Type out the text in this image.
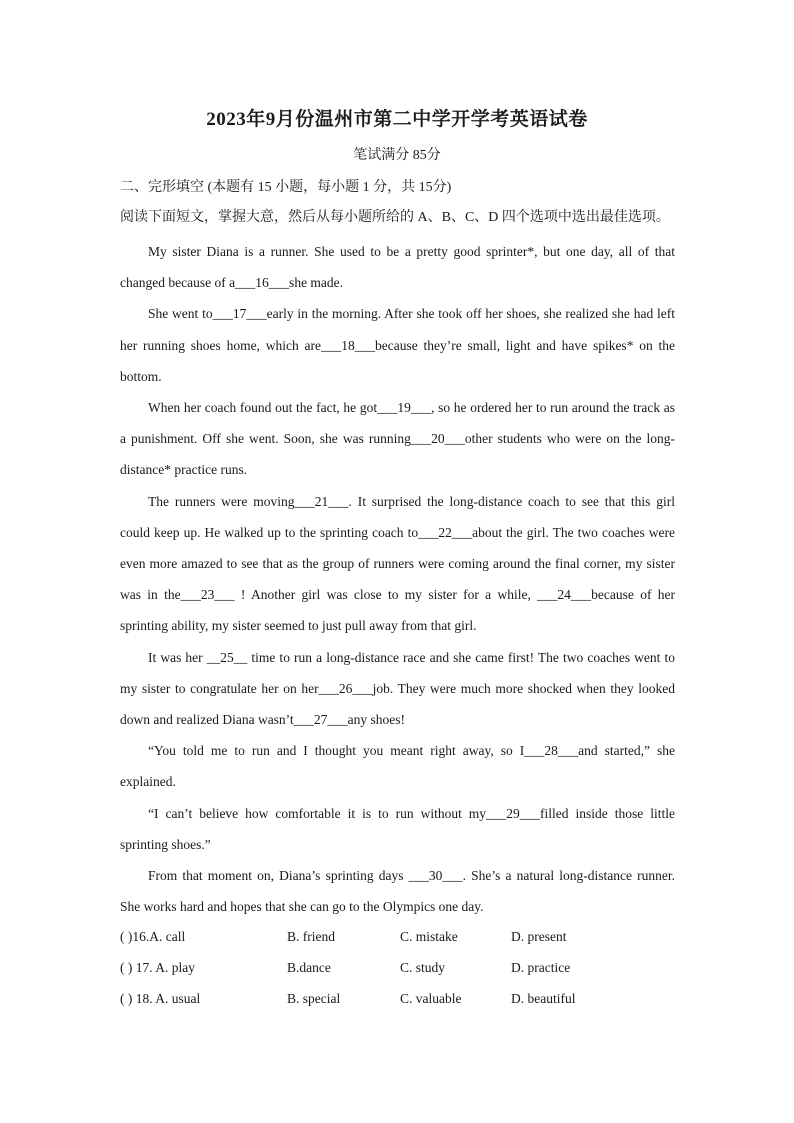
2023年9月份温州市第二中学开学考英语试卷
笔试满分 85分
二、完形填空 (本题有 15 小题，每小题 1 分，共 15分)
阅读下面短文，掌握大意，然后从每小题所给的 A、B、C、D 四个选项中选出最佳选项。

My sister Diana is a runner. She used to be a pretty good sprinter*, but one day, all of that changed because of a___16___she made.

She went to___17___early in the morning. After she took off her shoes, she realized she had left her running shoes home, which are___18___because they’re small, light and have spikes* on the bottom.

When her coach found out the fact, he got___19___, so he ordered her to run around the track as a punishment. Off she went. Soon, she was running___20___other students who were on the long-distance* practice runs.

The runners were moving___21___. It surprised the long-distance coach to see that this girl could keep up. He walked up to the sprinting coach to___22___about the girl. The two coaches were even more amazed to see that as the group of runners were coming around the final corner, my sister was in the___23___ ! Another girl was close to my sister for a while, ___24___because of her sprinting ability, my sister seemed to just pull away from that girl.

It was her __25__ time to run a long-distance race and she came first! The two coaches went to my sister to congratulate her on her___26___job. They were much more shocked when they looked down and realized Diana wasn’t___27___any shoes!

“You told me to run and I thought you meant right away, so I___28___and started,” she explained.

“I can’t believe how comfortable it is to run without my___29___filled inside those little sprinting shoes.”

From that moment on, Diana’s sprinting days ___30___. She’s a natural long-distance runner. She works hard and hopes that she can go to the Olympics one day.

( )16.A. call	B. friend	C. mistake	D. present
( ) 17. A. play	B.dance	C. study	D. practice
( ) 18. A. usual	B. special	C. valuable	D. beautiful
